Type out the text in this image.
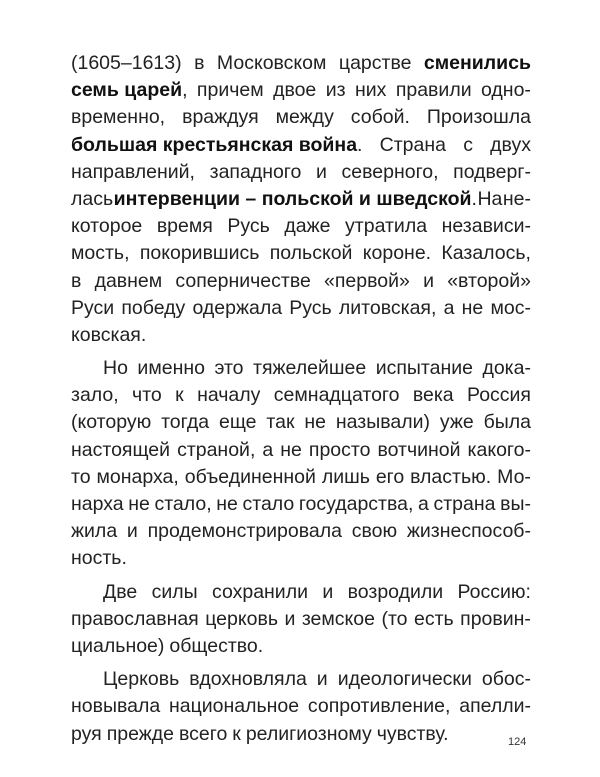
(1605–1613) в Московском царстве сменились
семь царей, причем двое из них правили одно-
временно, враждуя между собой. Произошла
большая крестьянская война. Страна с двух
направлений, западного и северного, подверг-
лась интервенции – польской и шведской. На не-
которое время Русь даже утратила независи-
мость, покорившись польской короне. Казалось,
в давнем соперничестве «первой» и «второй»
Руси победу одержала Русь литовская, а не мос-
ковская.
Но именно это тяжелейшее испытание дока-
зало, что к началу семнадцатого века Россия
(которую тогда еще так не называли) уже была
настоящей страной, а не просто вотчиной какого-
то монарха, объединенной лишь его властью. Мо-
нарха не стало, не стало государства, а страна вы-
жила и продемонстрировала свою жизнеспособ-
ность.
Две силы сохранили и возродили Россию:
православная церковь и земское (то есть провин-
циальное) общество.
Церковь вдохновляла и идеологически обос-
новывала национальное сопротивление, апелли-
руя прежде всего к религиозному чувству.	124
